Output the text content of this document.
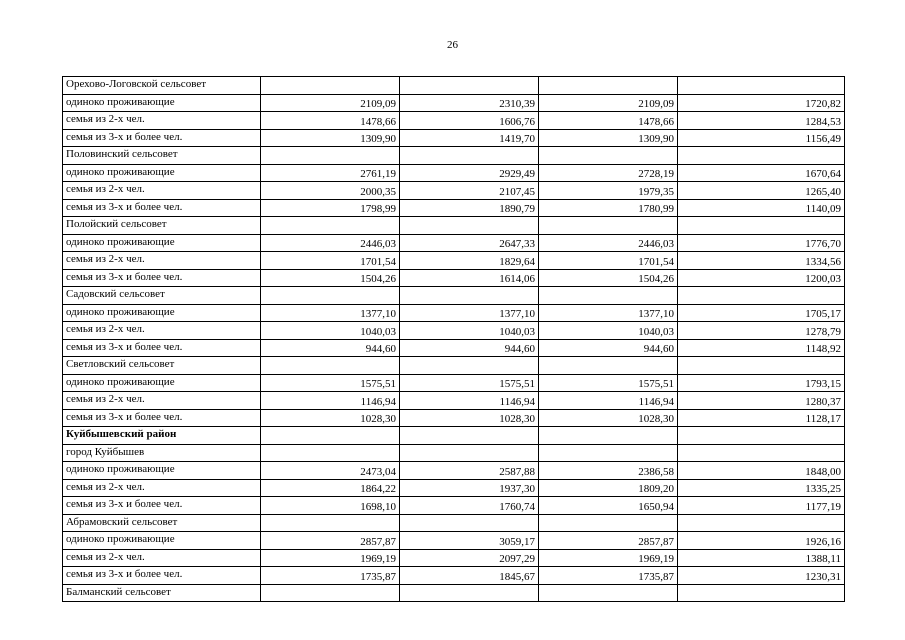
26
Орехово-Логовской сельсовет				
одиноко проживающие	2109,09	2310,39	2109,09	1720,82
семья из 2-х чел.	1478,66	1606,76	1478,66	1284,53
семья из 3-х и более чел.	1309,90	1419,70	1309,90	1156,49
Половинский сельсовет				
одиноко проживающие	2761,19	2929,49	2728,19	1670,64
семья из 2-х чел.	2000,35	2107,45	1979,35	1265,40
семья из 3-х и более чел.	1798,99	1890,79	1780,99	1140,09
Полойский сельсовет				
одиноко проживающие	2446,03	2647,33	2446,03	1776,70
семья из 2-х чел.	1701,54	1829,64	1701,54	1334,56
семья из 3-х и более чел.	1504,26	1614,06	1504,26	1200,03
Садовский сельсовет				
одиноко проживающие	1377,10	1377,10	1377,10	1705,17
семья из 2-х чел.	1040,03	1040,03	1040,03	1278,79
семья из 3-х и более чел.	944,60	944,60	944,60	1148,92
Светловский сельсовет				
одиноко проживающие	1575,51	1575,51	1575,51	1793,15
семья из 2-х чел.	1146,94	1146,94	1146,94	1280,37
семья из 3-х и более чел.	1028,30	1028,30	1028,30	1128,17
Куйбышевский район				
город Куйбышев				
одиноко проживающие	2473,04	2587,88	2386,58	1848,00
семья из 2-х чел.	1864,22	1937,30	1809,20	1335,25
семья из 3-х и более чел.	1698,10	1760,74	1650,94	1177,19
Абрамовский сельсовет				
одиноко проживающие	2857,87	3059,17	2857,87	1926,16
семья из 2-х чел.	1969,19	2097,29	1969,19	1388,11
семья из 3-х и более чел.	1735,87	1845,67	1735,87	1230,31
Балманский сельсовет				
